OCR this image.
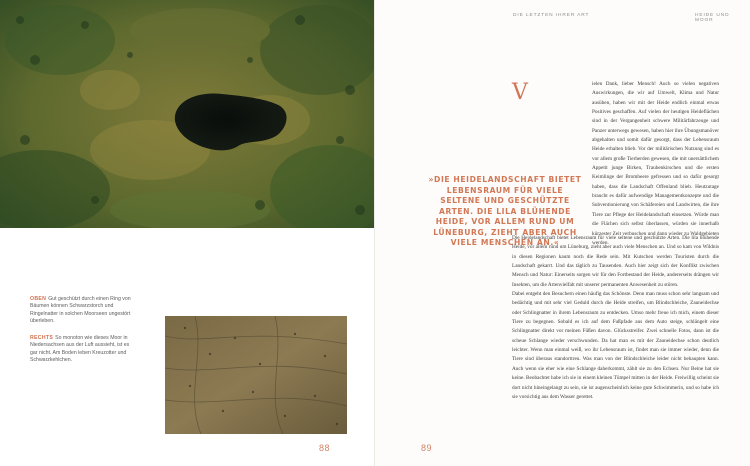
OBEN Gut geschützt durch einen Ring von Bäumen können Schwarzstorch und Ringelnatter in solchen Moorseen ungestört überleben.
RECHTS So monoton wie dieses Moor in Niedersachsen aus der Luft aussieht, ist es gar nicht. Am Boden leben Kreuzotter und Schwarzkehlchen.
88
DIE LETZTEN IHRER ART	HEIDE UND MOOR
»DIE HEIDELANDSCHAFT BIETET LEBENSRAUM FÜR VIELE SELTENE UND GESCHÜTZTE ARTEN. DIE LILA BLÜHENDE HEIDE, VOR ALLEM RUND UM LÜNEBURG, ZIEHT ABER AUCH VIELE MENSCHEN AN.«
V	ielen Dank, lieber Mensch! Auch so vielen negativen Auswirkungen, die wir auf Umwelt, Klima und Natur ausüben, haben wir mit der Heide endlich einmal etwas Positives geschaffen. Auf vielen der heutigen Heideflächen sind in der Vergangenheit schwere Militärfahrzeuge und Panzer unterwegs gewesen, haben hier ihre Übungsmanöver abgehalten und somit dafür gesorgt, dass der Lebensraum Heide erhalten blieb. Vor der militärischen Nutzung sind es vor allem große Tierherden gewesen, die mit unersättlichem Appetit junge Birken, Traubenkirschen und die ersten Keimlinge der Brombeere gefressen und so dafür gesorgt haben, dass die Landschaft Offenland blieb. Heutzutage braucht es dafür aufwendige Managementkonzepte und die Subventionierung von Schäfereien und Landwirten, die ihre Tiere zur Pflege der Heidelandschaft einsetzen. Würde man die Flächen sich selbst überlassen, würden sie innerhalb kürzester Zeit verbuschen und dann wieder zu Waldgebieten werden.
Die Heidelandschaft bietet Lebensraum für viele seltene und geschützte Arten. Die lila blühende Heide, vor allem rund um Lüneburg, zieht aber auch viele Menschen an. Und so kam von Wildnis in diesen Regionen kaum noch die Rede sein. Mit Kutschen werden Touristen durch die Landschaft gekarrt. Und das täglich zu Tausenden. Auch hier zeigt sich der Konflikt zwischen Mensch und Natur: Einerseits sorgen wir für den Fortbestand der Heide, andererseits drängen wir Insekten, um die Artenvielfalt mit unserer permanenten Anwesenheit zu stören.
Dabei entgeht den Besuchern einen häufig das Schönste. Denn man muss schon sehr langsam und bedächtig und mit sehr viel Geduld durch die Heide streifen, um Blindschleiche, Zauneidechse oder Schlingnatter in ihrem Lebensraum zu entdecken. Umso mehr freue ich mich, einem dieser Tiere zu begegnen. Sobald es ich auf dem Fußpfade aus dem Auto steige, schlängelt eine Schlingnatter direkt vor meinen Füßen davon. Glücksstreifer. Zwei schnelle Fotos, dann ist die scheue Schlange wieder verschwunden. Da hat man es mit der Zauneidechse schon deutlich leichter. Wenn man einmal weiß, wo ihr Lebensraum ist, findet man sie immer wieder, denn die Tiere sind überaus standorttreu. Was man von der Blindschleiche leider nicht behaupten kann. Auch wenn sie eher wie eine Schlange daherkommt, zählt sie zu den Echsen. Nur Beine hat sie keine. Beobachtet habe ich sie in einem kleinen Tümpel mitten in der Heide. Freiwillig scheint sie dort nicht hineingelangt zu sein, sie ist augenscheinlich keine gute Schwimmerin, und so habe ich sie vorsichtig aus dem Wasser gerettet.
89
